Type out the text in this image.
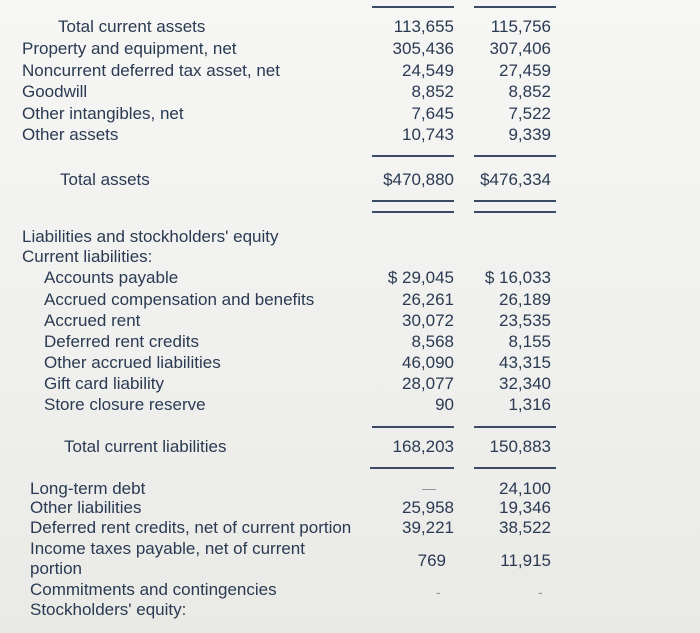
Total current assets	113,655 115,756
Property and equipment, net	305,436 307,406
Noncurrent deferred tax asset, net	24,549	27,459
Goodwill	8,852	8,852
Other intangibles, net	7,645	7,522
Other assets	10,743	9,339
Total assets	$470,880 $476,334
Liabilities and stockholders' equity
Current liabilities:
Accounts payable	$ 29,045 $ 16,033
Accrued compensation and benefits	26,261	26,189
Accrued rent	30,072	23,535
Deferred rent credits	8,568	8,155
Other accrued liabilities	46,090	43,315
Gift card liability	28,077	32,340
Store closure reserve	90	1,316
Total current liabilities	168,203 150,883
Long-term debt	—	24,100
Other liabilities	25,958	19,346
Deferred rent credits, net of current portion	39,221	38,522
Income taxes payable, net of current
portion	769	11,915
Commitments and contingencies	-	-
Stockholders' equity:
